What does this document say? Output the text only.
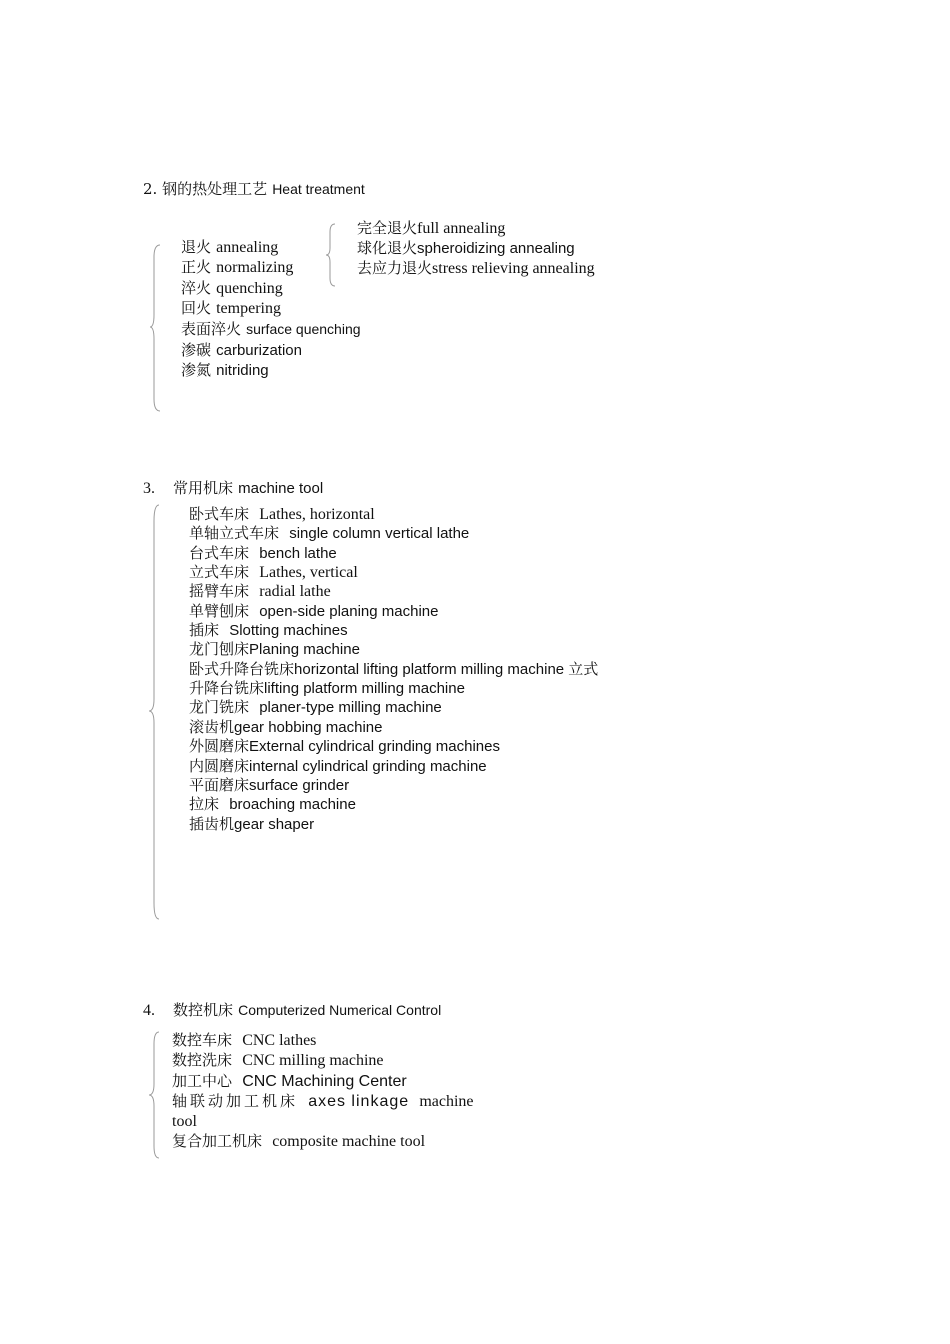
2. 钢的热处理工艺 Heat treatment
退火 annealing
正火 normalizing
淬火 quenching
回火 tempering
表面淬火 surface quenching
渗碳 carburization
渗氮 nitriding
完全退火full annealing
球化退火spheroidizing annealing
去应力退火stress relieving annealing
3. 常用机床 machine tool
卧式车床 Lathes, horizontal
单轴立式车床 single column vertical lathe
台式车床 bench lathe
立式车床 Lathes, vertical
摇臂车床 radial lathe
单臂刨床 open-side planing machine
插床 Slotting machines
龙门刨床Planing machine
卧式升降台铣床horizontal lifting platform milling machine 立式
升降台铣床lifting platform milling machine
龙门铣床 planer-type milling machine
滚齿机gear hobbing machine
外圆磨床External cylindrical grinding machines
内圆磨床internal cylindrical grinding machine
平面磨床surface grinder
拉床 broaching machine
插齿机gear shaper
4. 数控机床 Computerized Numerical Control
数控车床 CNC lathes
数控洗床 CNC milling machine
加工中心 CNC Machining Center
轴联动加工机床 axes linkage machine
tool
复合加工机床 composite machine tool
